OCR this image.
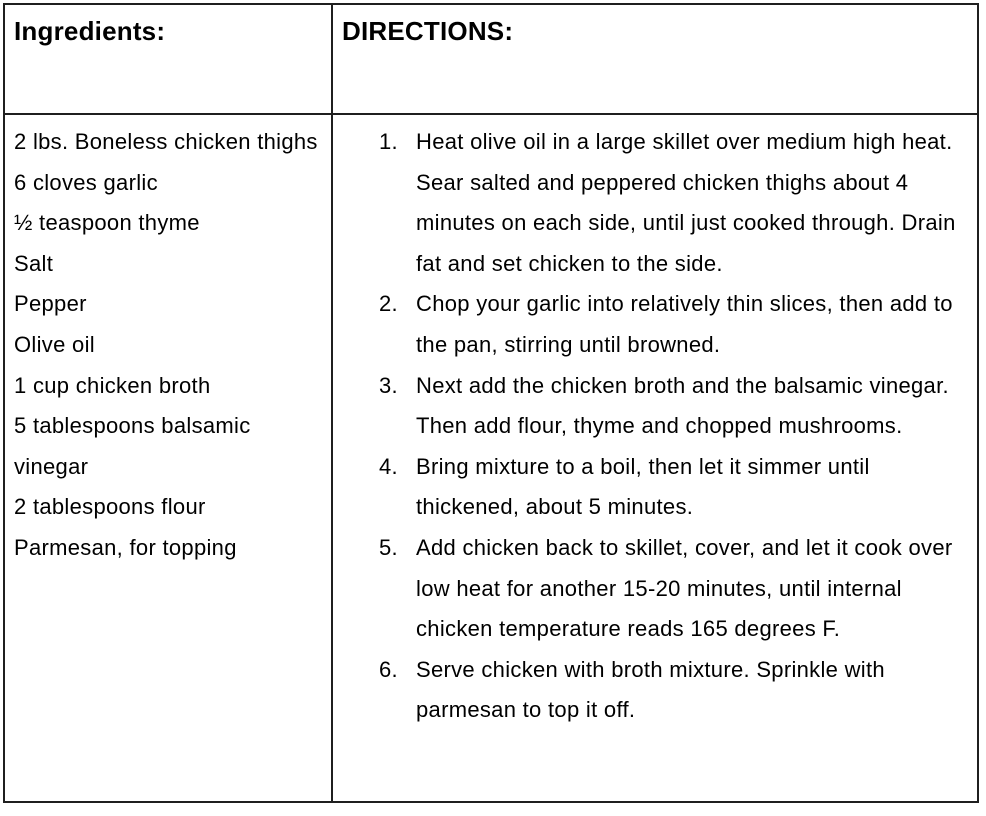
Ingredients:	DIRECTIONS:
2 lbs. Boneless chicken thighs
6 cloves garlic
½ teaspoon thyme
Salt
Pepper
Olive oil
1 cup chicken broth
5 tablespoons balsamic vinegar
2 tablespoons flour
Parmesan, for topping
1. Heat olive oil in a large skillet over medium high heat. Sear salted and peppered chicken thighs about 4 minutes on each side, until just cooked through. Drain fat and set chicken to the side.
2. Chop your garlic into relatively thin slices, then add to the pan, stirring until browned.
3. Next add the chicken broth and the balsamic vinegar. Then add flour, thyme and chopped mushrooms.
4. Bring mixture to a boil, then let it simmer until thickened, about 5 minutes.
5. Add chicken back to skillet, cover, and let it cook over low heat for another 15-20 minutes, until internal chicken temperature reads 165 degrees F.
6. Serve chicken with broth mixture. Sprinkle with parmesan to top it off.
